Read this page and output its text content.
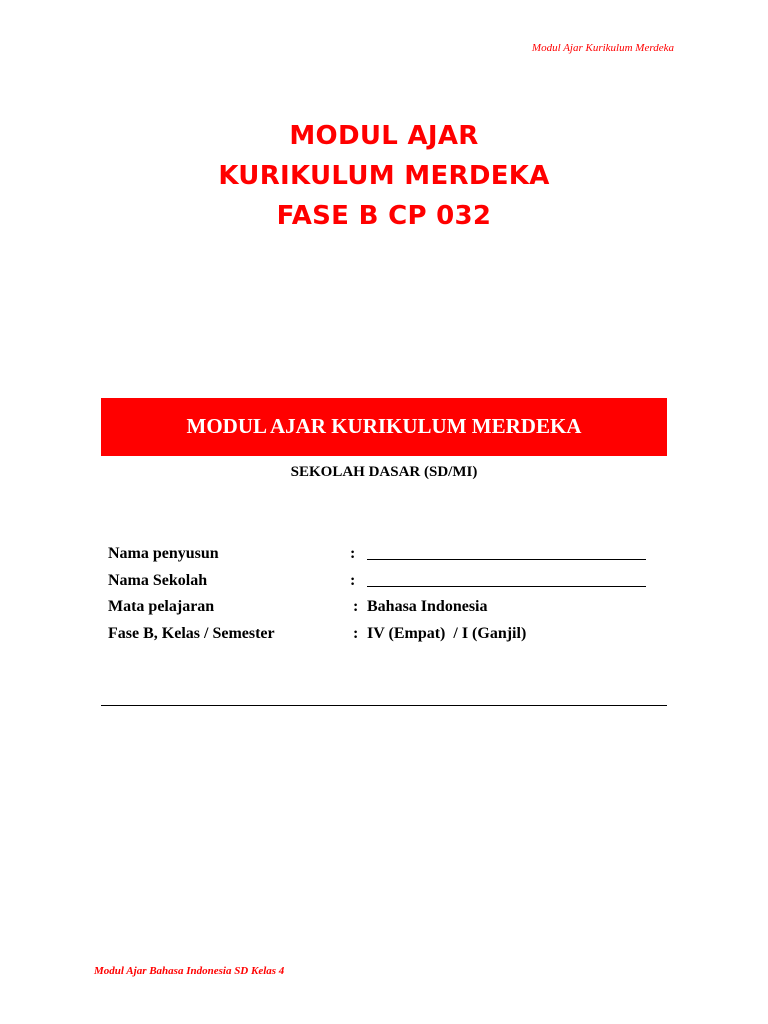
Modul Ajar Kurikulum Merdeka
MODUL AJAR
KURIKULUM MERDEKA
FASE B CP 032
MODUL AJAR KURIKULUM MERDEKA
SEKOLAH DASAR (SD/MI)
Nama penyusun	:
Nama Sekolah	:
Mata pelajaran	: Bahasa Indonesia
Fase B, Kelas / Semester	: IV (Empat)  / I (Ganjil)
Modul Ajar Bahasa Indonesia SD Kelas 4
